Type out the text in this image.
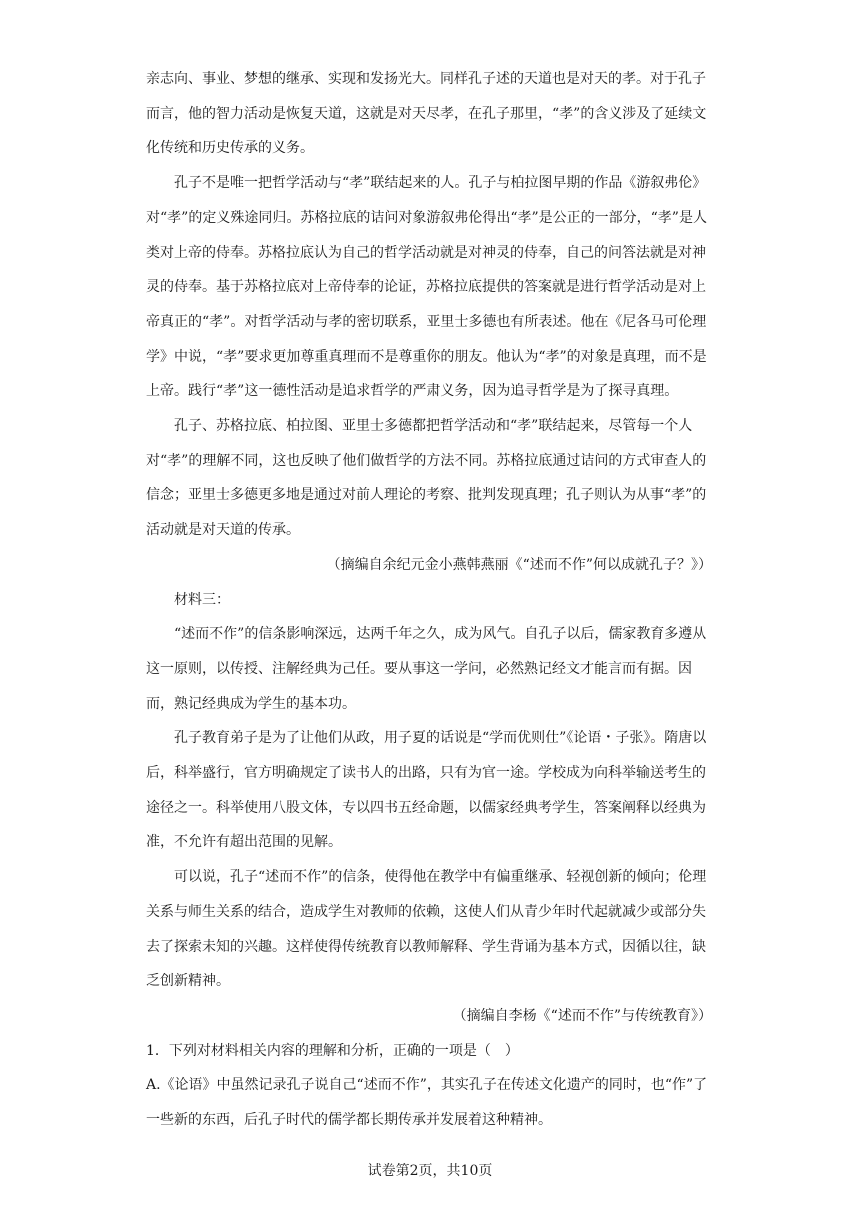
亲志向、事业、梦想的继承、实现和发扬光大。同样孔子述的天道也是对天的孝。对于孔子而言，他的智力活动是恢复天道，这就是对天尽孝，在孔子那里，“孝”的含义涉及了延续文化传统和历史传承的义务。

孔子不是唯一把哲学活动与“孝”联结起来的人。孔子与柏拉图早期的作品《游叙弗伦》对“孝”的定义殊途同归。苏格拉底的诘问对象游叙弗伦得出“孝”是公正的一部分，“孝”是人类对上帝的侍奉。苏格拉底认为自己的哲学活动就是对神灵的侍奉，自己的问答法就是对神灵的侍奉。基于苏格拉底对上帝侍奉的论证，苏格拉底提供的答案就是进行哲学活动是对上帝真正的“孝”。对哲学活动与孝的密切联系，亚里士多德也有所表述。他在《尼各马可伦理学》中说，“孝”要求更加尊重真理而不是尊重你的朋友。他认为“孝”的对象是真理，而不是上帝。践行“孝”这一德性活动是追求哲学的严肃义务，因为追寻哲学是为了探寻真理。

孔子、苏格拉底、柏拉图、亚里士多德都把哲学活动和“孝”联结起来，尽管每一个人对“孝”的理解不同，这也反映了他们做哲学的方法不同。苏格拉底通过诘问的方式审查人的信念；亚里士多德更多地是通过对前人理论的考察、批判发现真理；孔子则认为从事“孝”的活动就是对天道的传承。

（摘编自余纪元金小燕韩燕丽《“述而不作”何以成就孔子？》）

材料三：

“述而不作”的信条影响深远，达两千年之久，成为风气。自孔子以后，儒家教育多遵从这一原则，以传授、注解经典为己任。要从事这一学问，必然熟记经文才能言而有据。因而，熟记经典成为学生的基本功。

孔子教育弟子是为了让他们从政，用子夏的话说是“学而优则仕”《论语・子张》。隋唐以后，科举盛行，官方明确规定了读书人的出路，只有为官一途。学校成为向科举输送考生的途径之一。科举使用八股文体，专以四书五经命题，以儒家经典考学生，答案阐释以经典为准，不允许有超出范围的见解。

可以说，孔子“述而不作”的信条，使得他在教学中有偏重继承、轻视创新的倾向；伦理关系与师生关系的结合，造成学生对教师的依赖，这使人们从青少年时代起就减少或部分失去了探索未知的兴趣。这样使得传统教育以教师解释、学生背诵为基本方式，因循以往，缺乏创新精神。

（摘编自李杨《“述而不作”与传统教育》）

1．下列对材料相关内容的理解和分析，正确的一项是（　）

A.《论语》中虽然记录孔子说自己“述而不作”，其实孔子在传述文化遗产的同时，也“作”了一些新的东西，后孔子时代的儒学都长期传承并发展着这种精神。

试卷第2页，共10页
